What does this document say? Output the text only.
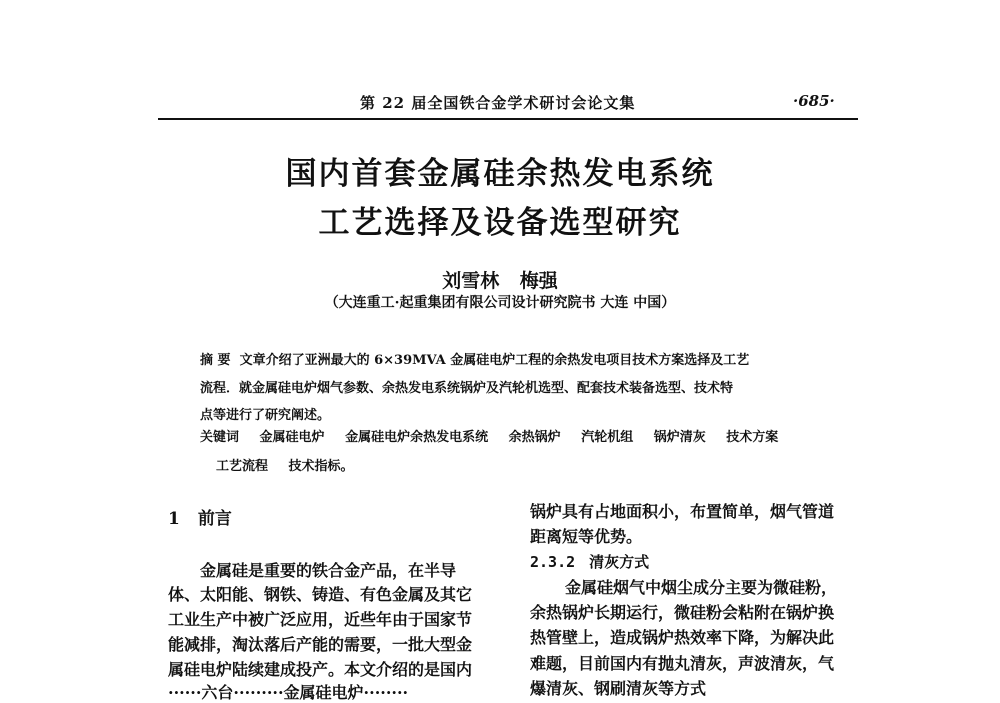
第 22 届全国铁合金学术研讨会论文集	·685·
国内首套金属硅余热发电系统
工艺选择及设备选型研究
刘雪林 梅强
（大连重工·起重集团有限公司设计研究院书 大连 中国）
摘 要 文章介绍了亚洲最大的 6×39MVA 金属硅电炉工程的余热发电项目技术方案选择及工艺
流程．就金属硅电炉烟气参数、余热发电系统锅炉及汽轮机选型、配套技术装备选型、技术特
点等进行了研究阐述。
关键词 金属硅电炉 金属硅电炉余热发电系统 余热锅炉 汽轮机组 锅炉清灰 技术方案
工艺流程 技术指标。
1 前言
金属硅是重要的铁合金产品，在半导
体、太阳能、钢铁、铸造、有色金属及其它
工业生产中被广泛应用，近些年由于国家节
能减排，淘汰落后产能的需要，一批大型金
属硅电炉陆续建成投产。本文介绍的是国内
······六台·········金属硅电炉········
锅炉具有占地面积小，布置简单，烟气管道
距离短等优势。
2.3.2 清灰方式
金属硅烟气中烟尘成分主要为微硅粉，
余热锅炉长期运行，微硅粉会粘附在锅炉换
热管壁上，造成锅炉热效率下降，为解决此
难题，目前国内有抛丸清灰，声波清灰，气
爆清灰、钢刷清灰等方式
